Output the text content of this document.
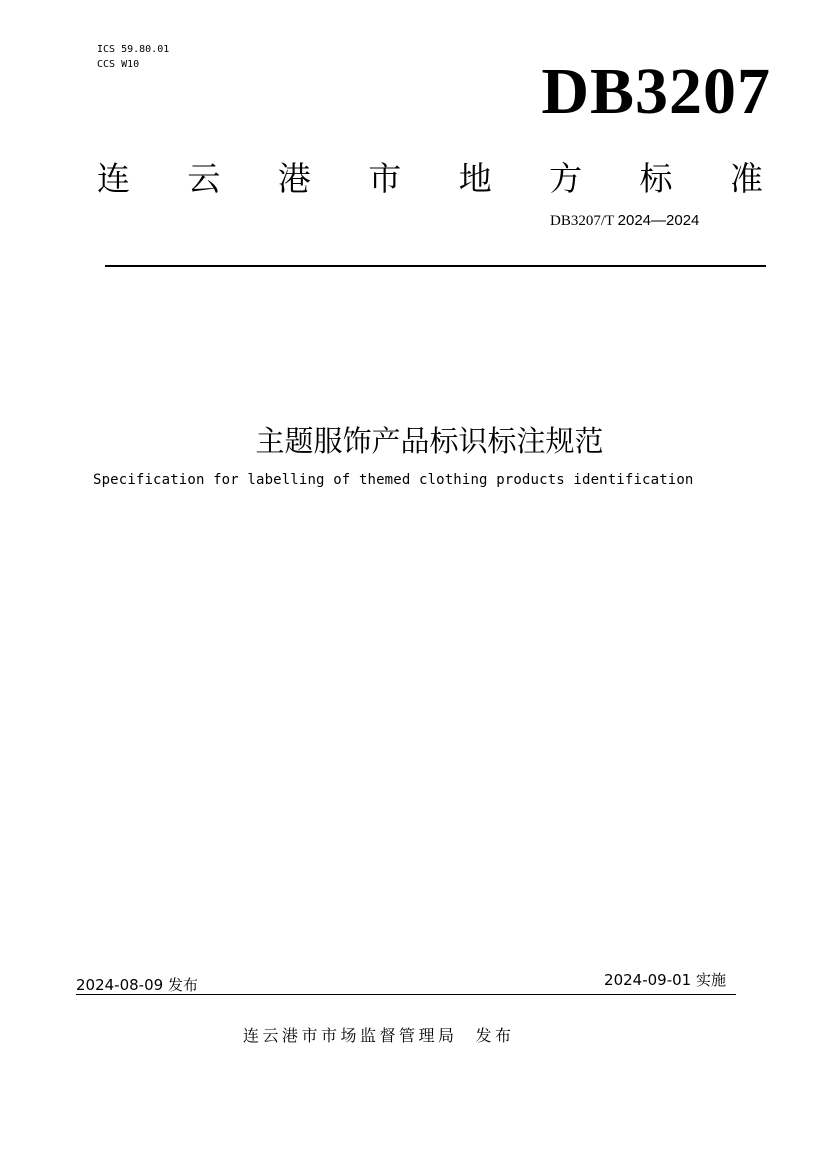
ICS 59.80.01
CCS W10	DB3207
连 云 港 市 地 方 标 准
DB3207/T 2024—2024
主题服饰产品标识标注规范
Specification for labelling of themed clothing products identification
2024-08-09 发布	2024-09-01 实施
连云港市市场监督管理局 发布
